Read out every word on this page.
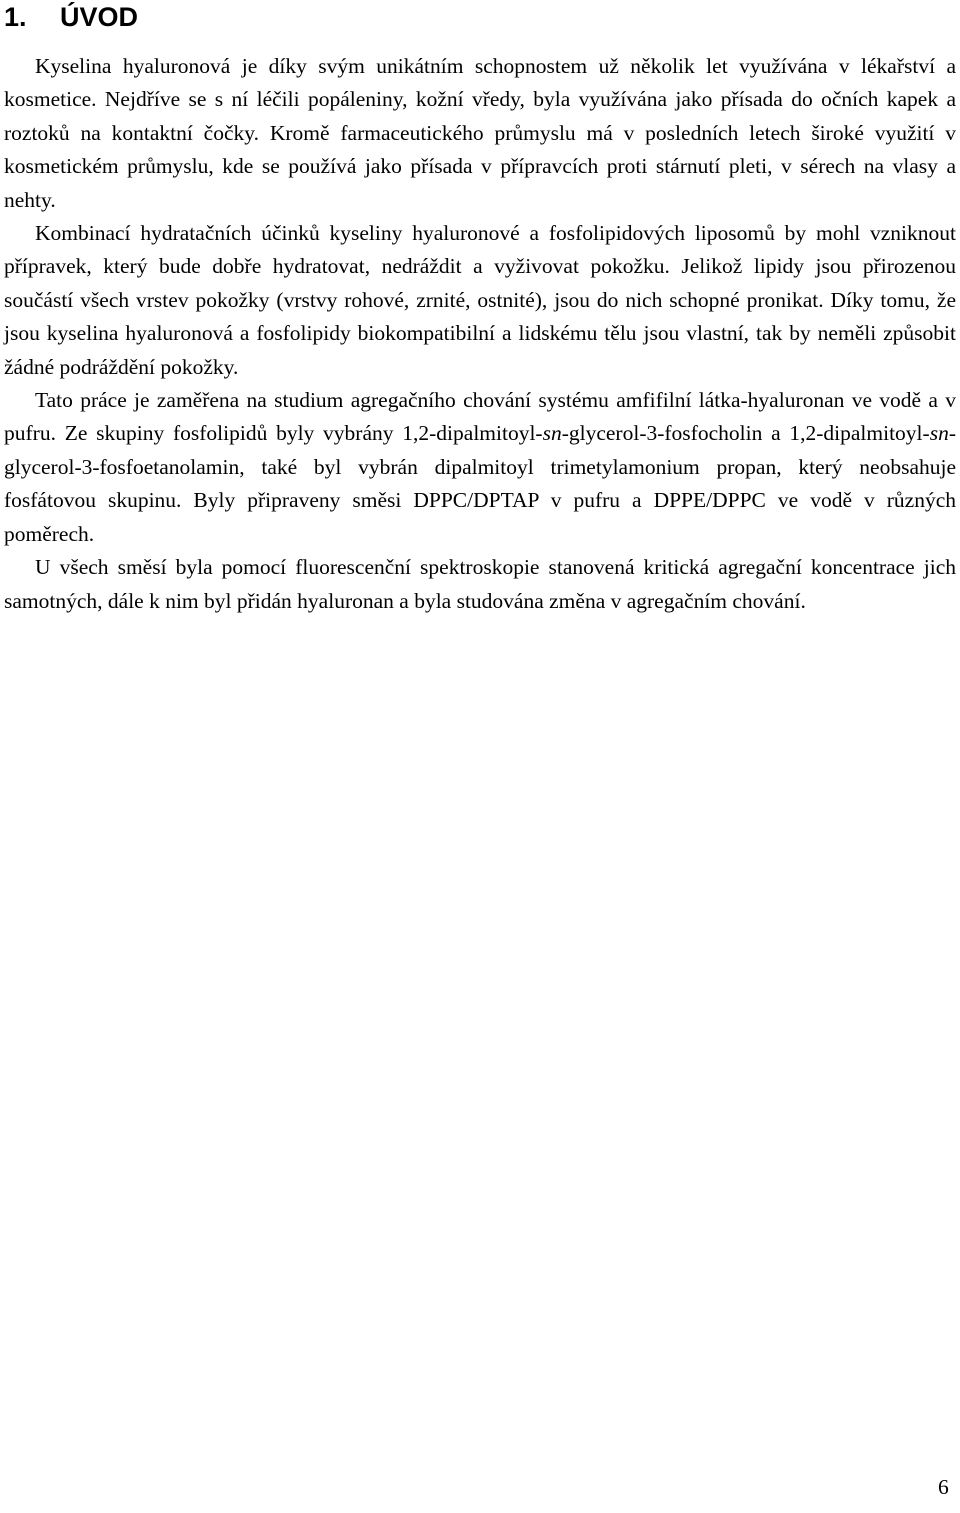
1. ÚVOD

Kyselina hyaluronová je díky svým unikátním schopnostem už několik let využívána v lékařství a kosmetice. Nejdříve se s ní léčili popáleniny, kožní vředy, byla využívána jako přísada do očních kapek a roztoků na kontaktní čočky. Kromě farmaceutického průmyslu má v posledních letech široké využití v kosmetickém průmyslu, kde se používá jako přísada v přípravcích proti stárnutí pleti, v sérech na vlasy a nehty.

Kombinací hydratačních účinků kyseliny hyaluronové a fosfolipidových liposomů by mohl vzniknout přípravek, který bude dobře hydratovat, nedráždit a vyživovat pokožku. Jelikož lipidy jsou přirozenou součástí všech vrstev pokožky (vrstvy rohové, zrnité, ostnité), jsou do nich schopné pronikat. Díky tomu, že jsou kyselina hyaluronová a fosfolipidy biokompatibilní a lidskému tělu jsou vlastní, tak by neměli způsobit žádné podráždění pokožky.

Tato práce je zaměřena na studium agregačního chování systému amfifilní látka-hyaluronan ve vodě a v pufru. Ze skupiny fosfolipidů byly vybrány 1,2-dipalmitoyl-sn-glycerol-3-fosfocholin a 1,2-dipalmitoyl-sn-glycerol-3-fosfoetanolamin, také byl vybrán dipalmitoyl trimetylamonium propan, který neobsahuje fosfátovou skupinu. Byly připraveny směsi DPPC/DPTAP v pufru a DPPE/DPPC ve vodě v různých poměrech.

U všech směsí byla pomocí fluorescenční spektroskopie stanovená kritická agregační koncentrace jich samotných, dále k nim byl přidán hyaluronan a byla studována změna v agregačním chování.

6
